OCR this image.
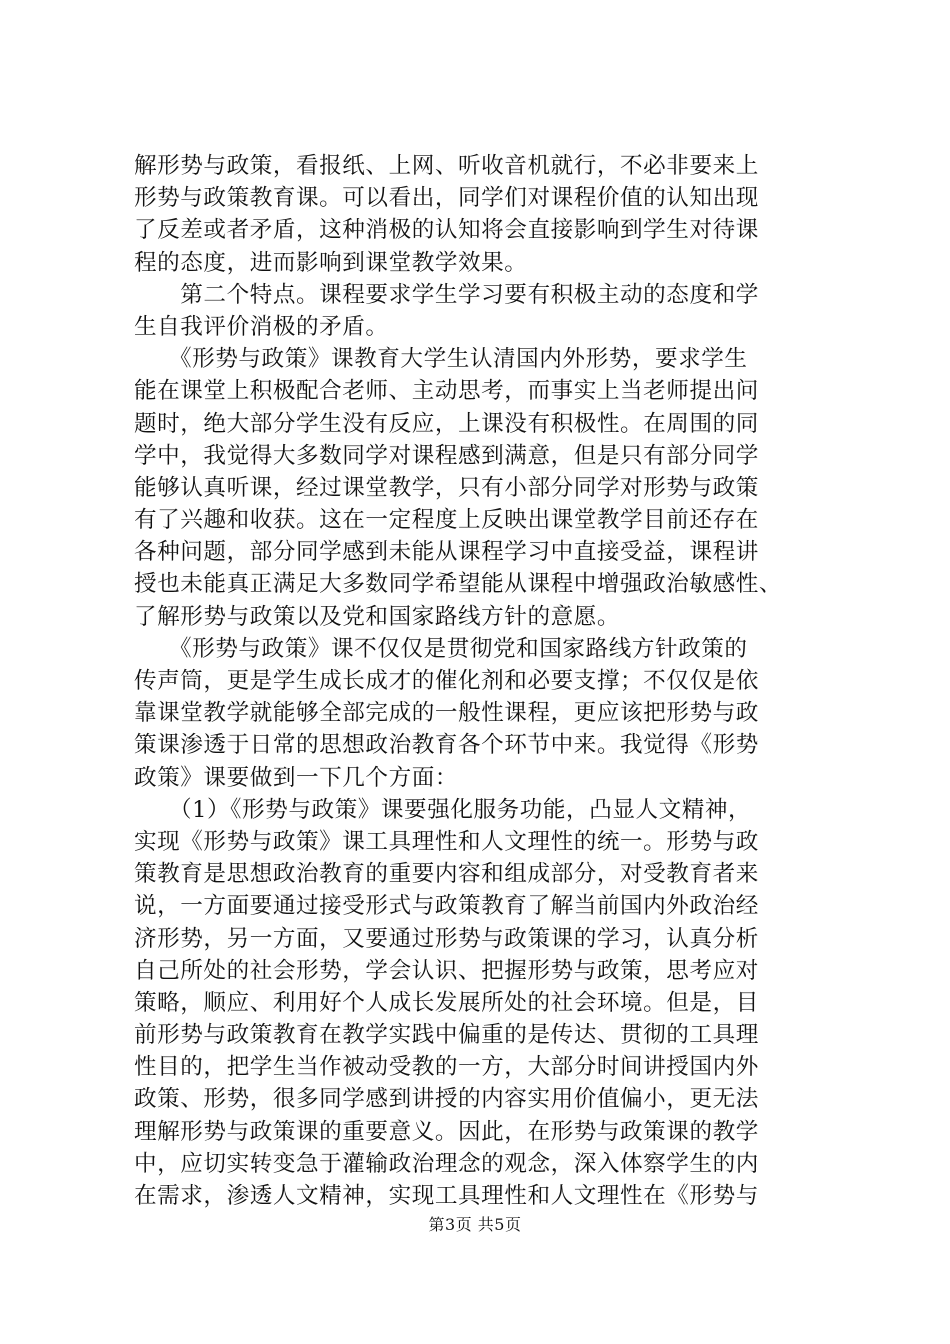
解形势与政策，看报纸、上网、听收音机就行，不必非要来上
形势与政策教育课。可以看出，同学们对课程价值的认知出现
了反差或者矛盾，这种消极的认知将会直接影响到学生对待课
程的态度，进而影响到课堂教学效果。
　　第二个特点。课程要求学生学习要有积极主动的态度和学
生自我评价消极的矛盾。
　　《形势与政策》课教育大学生认清国内外形势，要求学生
能在课堂上积极配合老师、主动思考，而事实上当老师提出问
题时，绝大部分学生没有反应，上课没有积极性。在周围的同
学中，我觉得大多数同学对课程感到满意，但是只有部分同学
能够认真听课，经过课堂教学，只有小部分同学对形势与政策
有了兴趣和收获。这在一定程度上反映出课堂教学目前还存在
各种问题，部分同学感到未能从课程学习中直接受益，课程讲
授也未能真正满足大多数同学希望能从课程中增强政治敏感性、
了解形势与政策以及党和国家路线方针的意愿。
　　《形势与政策》课不仅仅是贯彻党和国家路线方针政策的
传声筒，更是学生成长成才的催化剂和必要支撑；不仅仅是依
靠课堂教学就能够全部完成的一般性课程，更应该把形势与政
策课渗透于日常的思想政治教育各个环节中来。我觉得《形势
政策》课要做到一下几个方面：
　　（1）《形势与政策》课要强化服务功能，凸显人文精神，
实现《形势与政策》课工具理性和人文理性的统一。形势与政
策教育是思想政治教育的重要内容和组成部分，对受教育者来
说，一方面要通过接受形式与政策教育了解当前国内外政治经
济形势，另一方面，又要通过形势与政策课的学习，认真分析
自己所处的社会形势，学会认识、把握形势与政策，思考应对
策略，顺应、利用好个人成长发展所处的社会环境。但是，目
前形势与政策教育在教学实践中偏重的是传达、贯彻的工具理
性目的，把学生当作被动受教的一方，大部分时间讲授国内外
政策、形势，很多同学感到讲授的内容实用价值偏小，更无法
理解形势与政策课的重要意义。因此，在形势与政策课的教学
中，应切实转变急于灌输政治理念的观念，深入体察学生的内
在需求，渗透人文精神，实现工具理性和人文理性在《形势与
第3页 共5页
